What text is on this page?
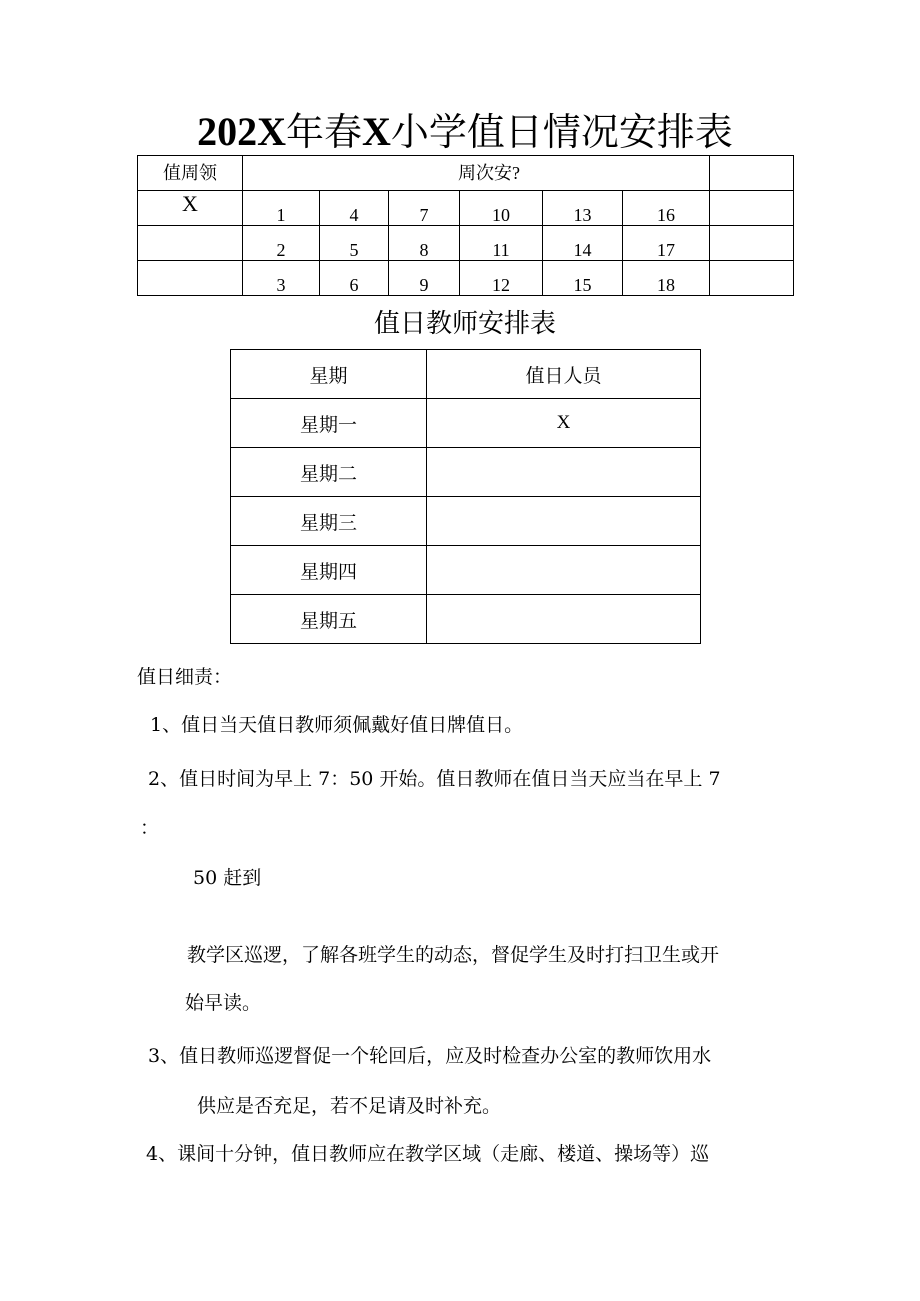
202X年春X小学值日情况安排表
值周领	周次安?						
X	1	4	7	10	13	16	
	2	5	8	11	14	17	
	3	6	9	12	15	18	
值日教师安排表
星期	值日人员
星期一	X
星期二	
星期三	
星期四	
星期五	
值日细责：
1、值日当天值日教师须佩戴好值日牌值日。
2、值日时间为早上 7：50 开始。值日教师在值日当天应当在早上 7
：
50 赶到
教学区巡逻，了解各班学生的动态，督促学生及时打扫卫生或开
始早读。
3、值日教师巡逻督促一个轮回后，应及时检查办公室的教师饮用水
供应是否充足，若不足请及时补充。
4、课间十分钟，值日教师应在教学区域（走廊、楼道、操场等）巡
